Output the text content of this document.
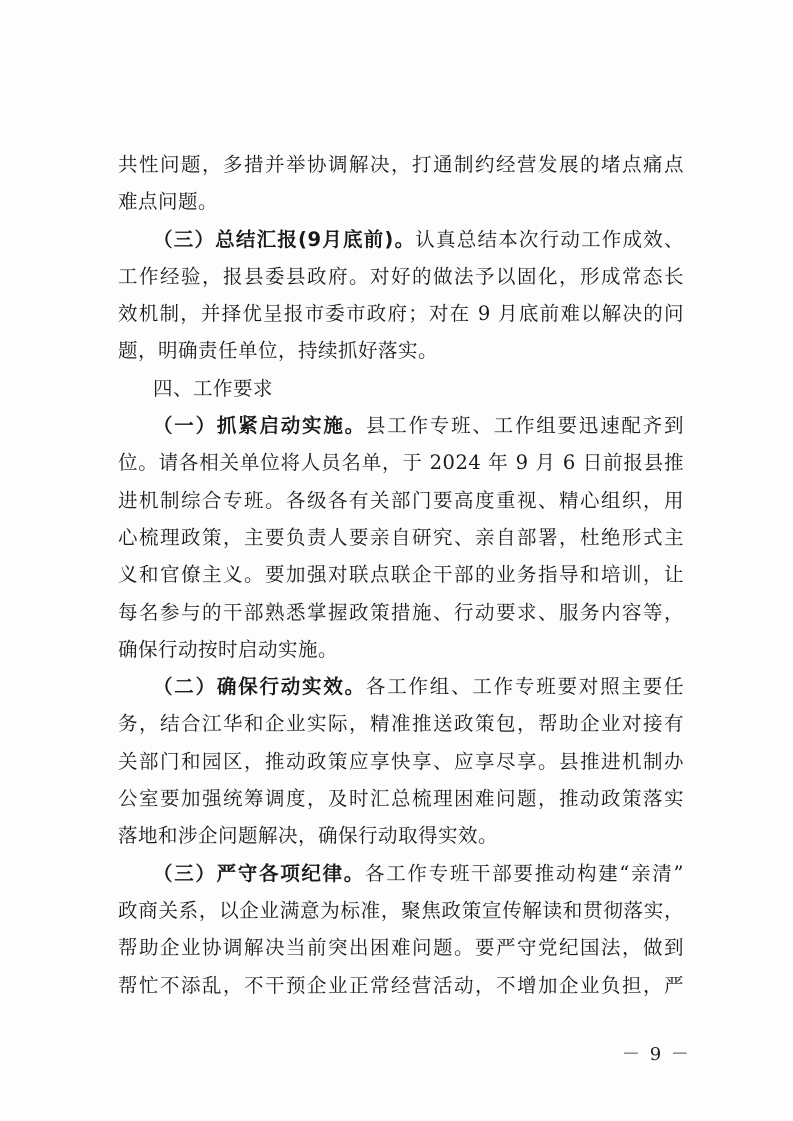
共性问题，多措并举协调解决，打通制约经营发展的堵点痛点
难点问题。
（三）总结汇报(9月底前)。认真总结本次行动工作成效、
工作经验，报县委县政府。对好的做法予以固化，形成常态长
效机制，并择优呈报市委市政府；对在 9 月底前难以解决的问
题，明确责任单位，持续抓好落实。
四、工作要求
（一）抓紧启动实施。县工作专班、工作组要迅速配齐到
位。请各相关单位将人员名单，于 2024 年 9 月 6 日前报县推
进机制综合专班。各级各有关部门要高度重视、精心组织，用
心梳理政策，主要负责人要亲自研究、亲自部署，杜绝形式主
义和官僚主义。要加强对联点联企干部的业务指导和培训，让
每名参与的干部熟悉掌握政策措施、行动要求、服务内容等，
确保行动按时启动实施。
（二）确保行动实效。各工作组、工作专班要对照主要任
务，结合江华和企业实际，精准推送政策包，帮助企业对接有
关部门和园区，推动政策应享快享、应享尽享。县推进机制办
公室要加强统筹调度，及时汇总梳理困难问题，推动政策落实
落地和涉企问题解决，确保行动取得实效。
（三）严守各项纪律。各工作专班干部要推动构建“亲清”
政商关系，以企业满意为标准，聚焦政策宣传解读和贯彻落实，
帮助企业协调解决当前突出困难问题。要严守党纪国法，做到
帮忙不添乱，不干预企业正常经营活动，不增加企业负担，严
－ 9 －
